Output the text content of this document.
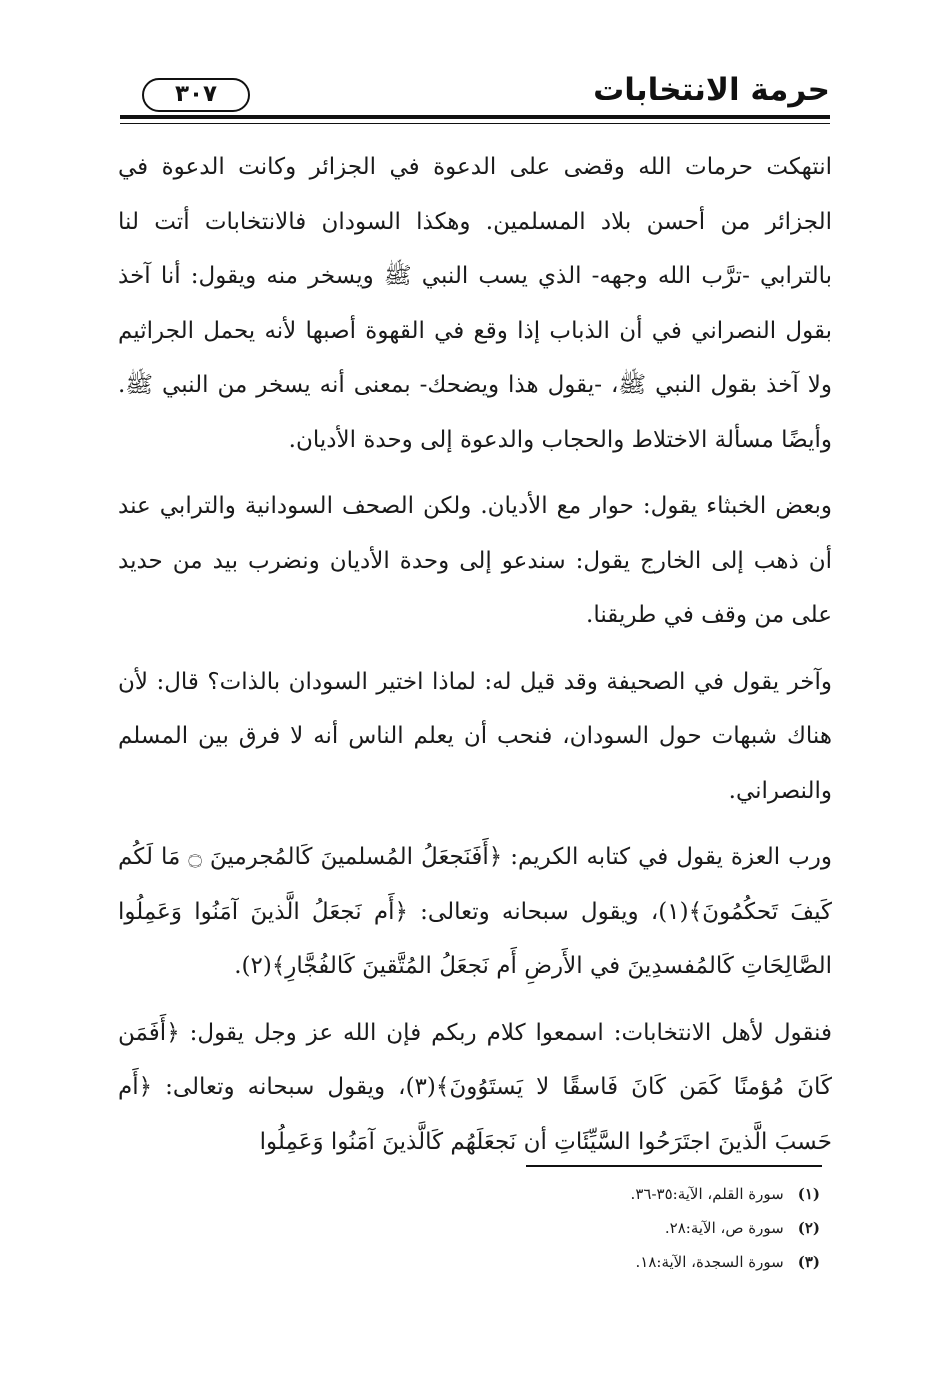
حرمة الانتخابات
٣٠٧

انتهكت حرمات الله وقضى على الدعوة في الجزائر وكانت الدعوة في الجزائر من أحسن بلاد المسلمين. وهكذا السودان فالانتخابات أتت لنا بالترابي -ترَّب الله وجهه- الذي يسب النبي ﷺ ويسخر منه ويقول: أنا آخذ بقول النصراني في أن الذباب إذا وقع في القهوة أصبها لأنه يحمل الجراثيم ولا آخذ بقول النبي ﷺ، -يقول هذا ويضحك- بمعنى أنه يسخر من النبي ﷺ. وأيضًا مسألة الاختلاط والحجاب والدعوة إلى وحدة الأديان.

وبعض الخبثاء يقول: حوار مع الأديان. ولكن الصحف السودانية والترابي عند أن ذهب إلى الخارج يقول: سندعو إلى وحدة الأديان ونضرب بيد من حديد على من وقف في طريقنا.

وآخر يقول في الصحيفة وقد قيل له: لماذا اختير السودان بالذات؟ قال: لأن هناك شبهات حول السودان، فنحب أن يعلم الناس أنه لا فرق بين المسلم والنصراني.

ورب العزة يقول في كتابه الكريم: ﴿أَفَنَجعَلُ المُسلمينَ كَالمُجرمينَ ۝ مَا لَكُم كَيفَ تَحكُمُونَ﴾(١)، ويقول سبحانه وتعالى: ﴿أَم نَجعَلُ الَّذينَ آمَنُوا وَعَمِلُوا الصَّالِحَاتِ كَالمُفسدِينَ في الأَرضِ أَم نَجعَلُ المُتَّقينَ كَالفُجَّارِ﴾(٢).

فنقول لأهل الانتخابات: اسمعوا كلام ربكم فإن الله عز وجل يقول: ﴿أَفَمَن كَانَ مُؤمنًا كَمَن كَانَ فَاسقًا لا يَستَوُونَ﴾(٣)، ويقول سبحانه وتعالى: ﴿أَم حَسبَ الَّذينَ اجتَرَحُوا السَّيِّئَاتِ أن نَجعَلَهُم كَالَّذينَ آمَنُوا وَعَمِلُوا

(١)سورة القلم، الآية:٣٥-٣٦.
(٢)سورة ص، الآية:٢٨.
(٣)سورة السجدة، الآية:١٨.
